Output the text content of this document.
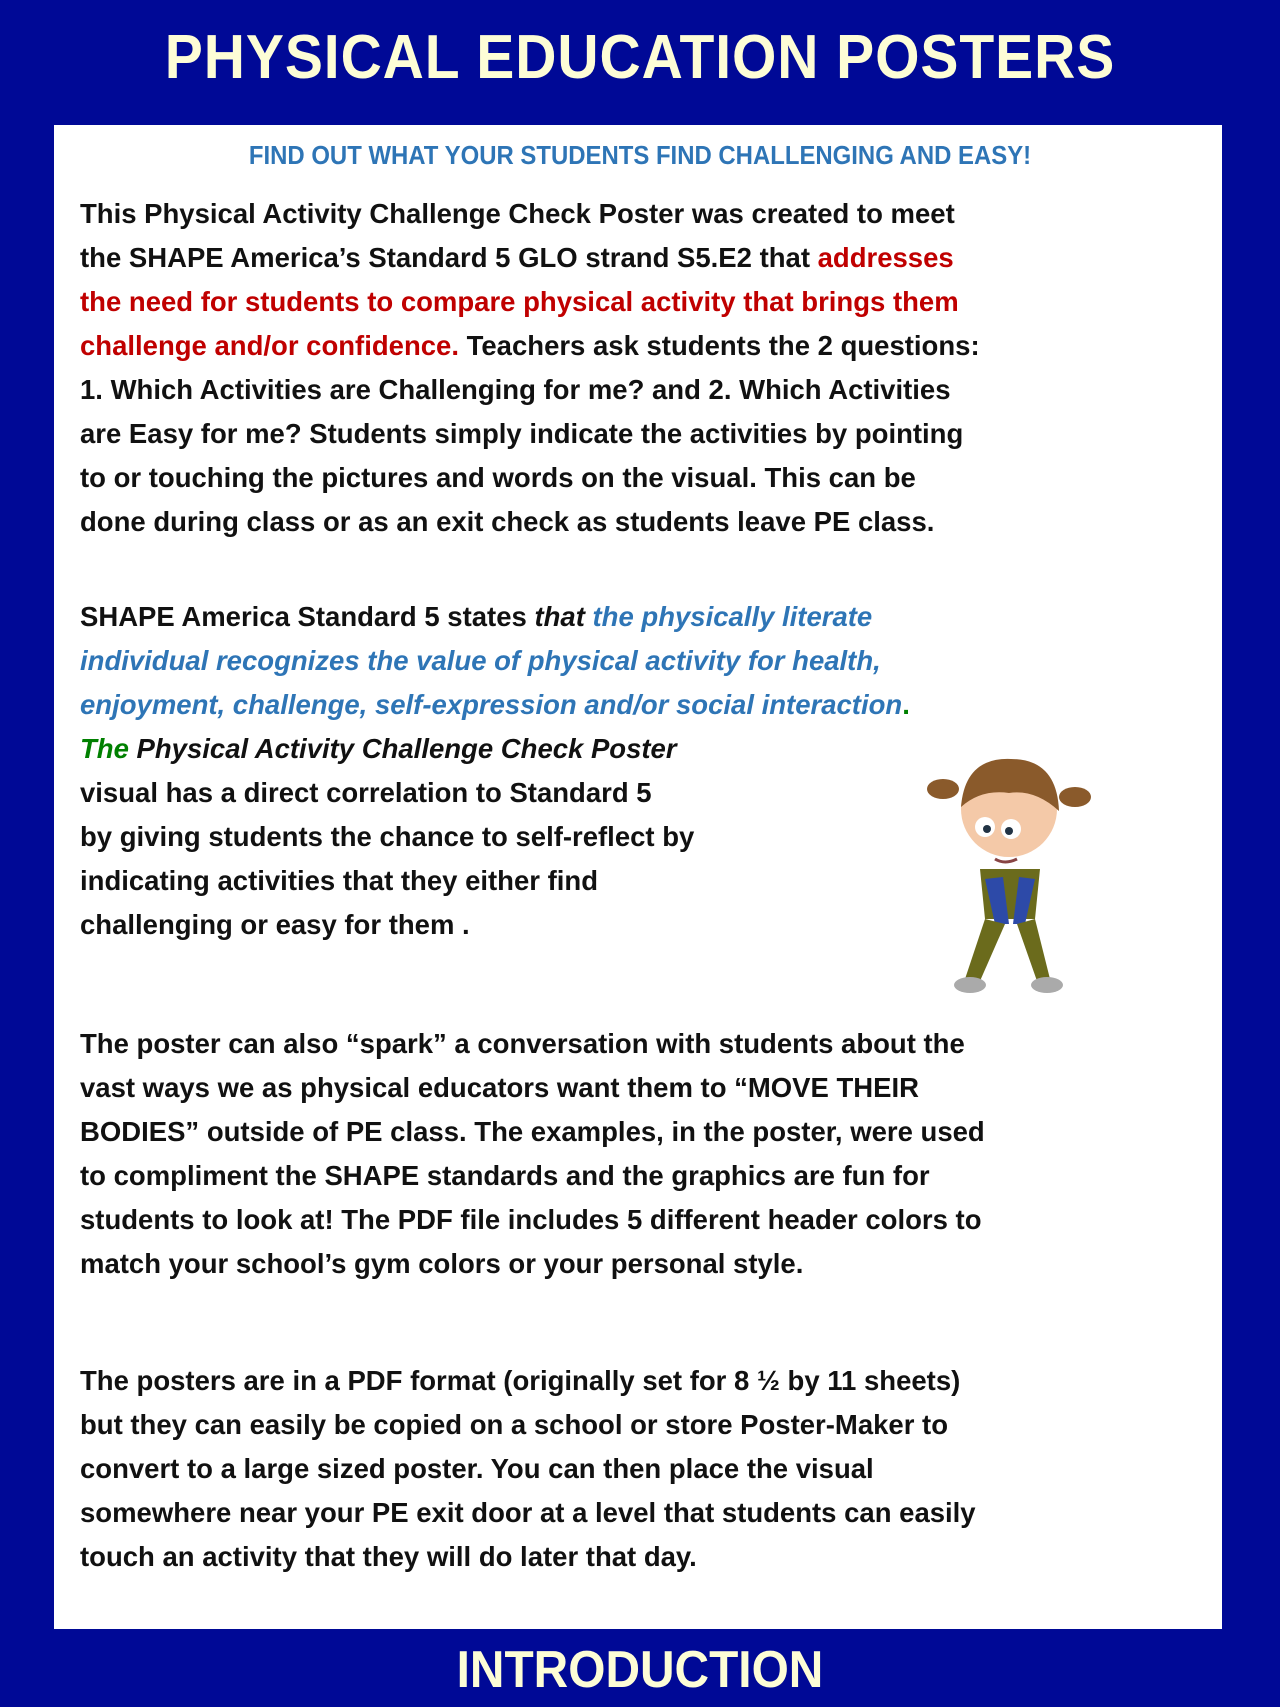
PHYSICAL EDUCATION POSTERS
FIND OUT WHAT YOUR STUDENTS FIND CHALLENGING AND EASY!
This Physical Activity Challenge Check Poster was created to meet
the SHAPE America’s Standard 5 GLO strand S5.E2 that addresses
the need for students to compare physical activity that brings them
challenge and/or confidence. Teachers ask students the 2 questions:
1. Which Activities are Challenging for me? and 2. Which Activities
are Easy for me? Students simply indicate the activities by pointing
to or touching the pictures and words on the visual. This can be
done during class or as an exit check as students leave PE class.
SHAPE America Standard 5 states that the physically literate
individual recognizes the value of physical activity for health,
enjoyment, challenge, self-expression and/or social interaction.
The Physical Activity Challenge Check Poster
visual has a direct correlation to Standard 5
by giving students the chance to self-reflect by
indicating activities that they either find
challenging or easy for them .
The poster can also “spark” a conversation with students about the
vast ways we as physical educators want them to “MOVE THEIR
BODIES” outside of PE class. The examples, in the poster, were used
to compliment the SHAPE standards and the graphics are fun for
students to look at! The PDF file includes 5 different header colors to
match your school’s gym colors or your personal style.
The posters are in a PDF format (originally set for 8 ½ by 11 sheets)
but they can easily be copied on a school or store Poster-Maker to
convert to a large sized poster. You can then place the visual
somewhere near your PE exit door at a level that students can easily
touch an activity that they will do later that day.
INTRODUCTION
